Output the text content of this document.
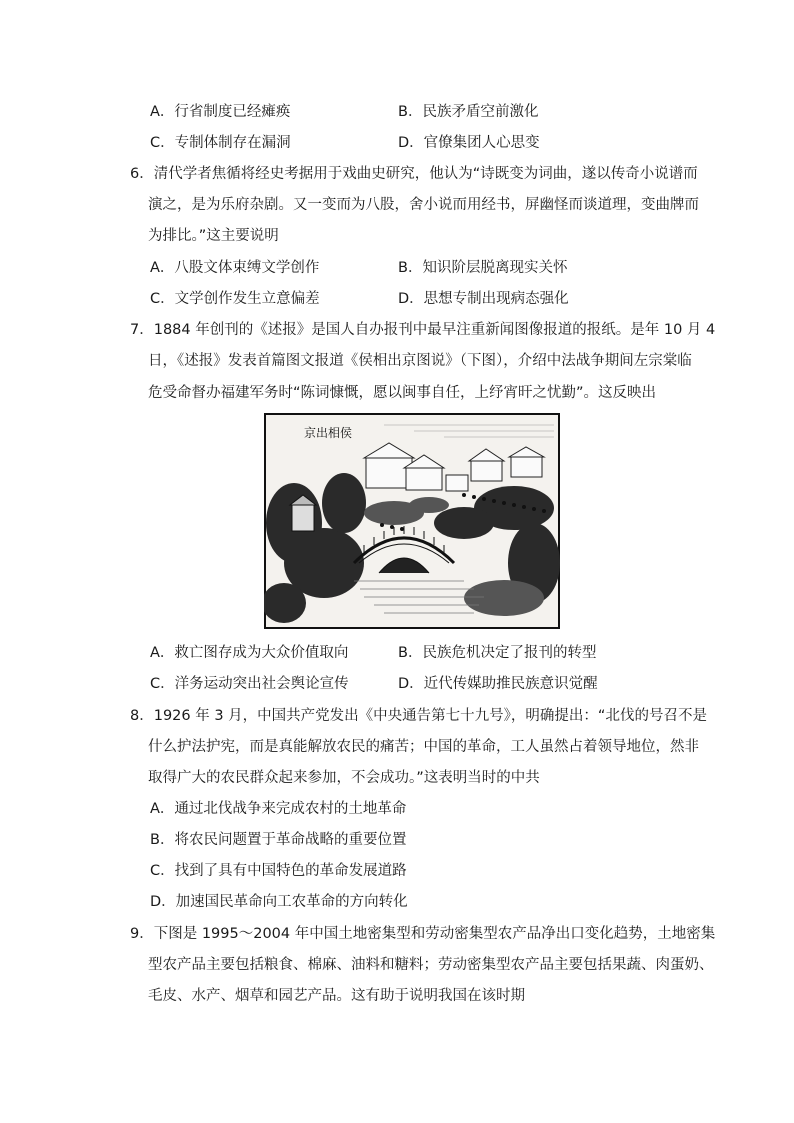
A．行省制度已经瘫痪	B．民族矛盾空前激化
C．专制体制存在漏洞	D．官僚集团人心思变
6．清代学者焦循将经史考据用于戏曲史研究，他认为“诗既变为词曲，遂以传奇小说谱而
演之，是为乐府杂剧。又一变而为八股，舍小说而用经书，屏幽怪而谈道理，变曲牌而
为排比。”这主要说明
A．八股文体束缚文学创作	B．知识阶层脱离现实关怀
C．文学创作发生立意偏差	D．思想专制出现病态强化
7．1884 年创刊的《述报》是国人自办报刊中最早注重新闻图像报道的报纸。是年 10 月 4
日，《述报》发表首篇图文报道《侯相出京图说》（下图），介绍中法战争期间左宗棠临
危受命督办福建军务时“陈词慷慨，愿以闽事自任，上纾宵旰之忧勤”。这反映出
京出相侯
A．救亡图存成为大众价值取向	B．民族危机决定了报刊的转型
C．洋务运动突出社会舆论宣传	D．近代传媒助推民族意识觉醒
8．1926 年 3 月，中国共产党发出《中央通告第七十九号》，明确提出：“北伐的号召不是
什么护法护宪，而是真能解放农民的痛苦；中国的革命，工人虽然占着领导地位，然非
取得广大的农民群众起来参加，不会成功。”这表明当时的中共
A．通过北伐战争来完成农村的土地革命
B．将农民问题置于革命战略的重要位置
C．找到了具有中国特色的革命发展道路
D．加速国民革命向工农革命的方向转化
9．下图是 1995～2004 年中国土地密集型和劳动密集型农产品净出口变化趋势，土地密集
型农产品主要包括粮食、棉麻、油料和糖料；劳动密集型农产品主要包括果蔬、肉蛋奶、
毛皮、水产、烟草和园艺产品。这有助于说明我国在该时期
